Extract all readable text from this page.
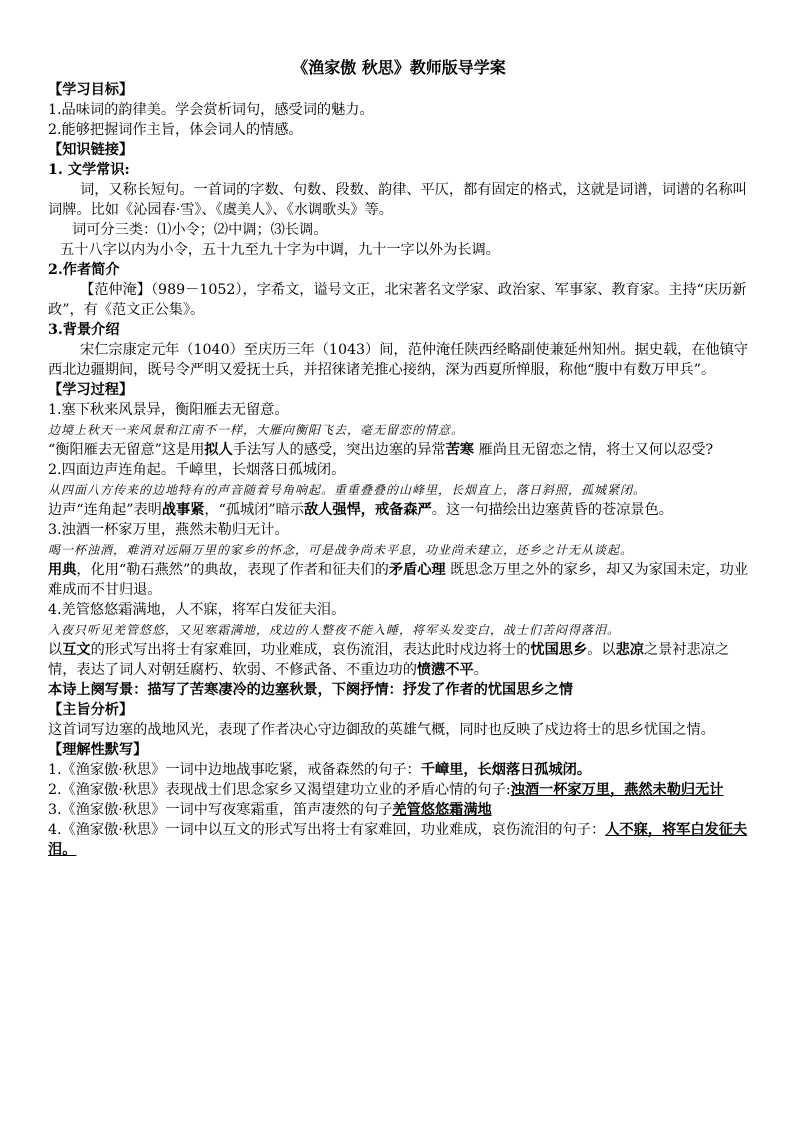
《渔家傲 秋思》教师版导学案
【学习目标】
1.品味词的韵律美。学会赏析词句，感受词的魅力。
2.能够把握词作主旨，体会词人的情感。
【知识链接】
1. 文学常识:
词，又称长短句。一首词的字数、句数、段数、韵律、平仄，都有固定的格式，这就是词谱，词谱的名称叫词牌。比如《沁园春·雪》、《虞美人》、《水调歌头》等。
词可分三类：⑴小令；⑵中调；⑶长调。
五十八字以内为小令，五十九至九十字为中调，九十一字以外为长调。
2.作者简介
【范仲淹】（989－1052），字希文，谥号文正，北宋著名文学家、政治家、军事家、教育家。主持“庆历新政”，有《范文正公集》。
3.背景介绍
宋仁宗康定元年（1040）至庆历三年（1043）间，范仲淹任陕西经略副使兼延州知州。据史载，在他镇守西北边疆期间，既号令严明又爱抚士兵，并招徕诸羌推心接纳，深为西夏所惮服，称他“腹中有数万甲兵”。
【学习过程】
1.塞下秋来风景异，衡阳雁去无留意。
边境上秋天一来风景和江南不一样，大雁向衡阳飞去，毫无留恋的情意。
“衡阳雁去无留意”这是用拟人手法写人的感受，突出边塞的异常苦寒 雁尚且无留恋之情，将士又何以忍受?
2.四面边声连角起。千嶂里，长烟落日孤城闭。
从四面八方传来的边地特有的声音随着号角响起。重重叠叠的山峰里，长烟直上，落日斜照，孤城紧闭。
边声“连角起”表明战事紧，“孤城闭”暗示敌人强悍，戒备森严。这一句描绘出边塞黄昏的苍凉景色。
3.浊酒一杯家万里，燕然未勒归无计。
喝一杯浊酒，难消对远隔万里的家乡的怀念，可是战争尚未平息，功业尚未建立，还乡之计无从谈起。
用典，化用“勒石燕然”的典故，表现了作者和征夫们的矛盾心理 既思念万里之外的家乡，却又为家国未定，功业难成而不甘归退。
4.羌管悠悠霜满地，人不寐，将军白发征夫泪。
入夜只听见羌管悠悠，又见寒霜满地，戍边的人整夜不能入睡，将军头发变白，战士们苦闷得落泪。
以互文的形式写出将士有家难回，功业难成，哀伤流泪，表达此时戍边将士的忧国思乡。以悲凉之景衬悲凉之情，表达了词人对朝廷腐朽、软弱、不修武备、不重边功的愤懑不平。
本诗上阕写景：描写了苦寒凄冷的边塞秋景，下阕抒情：抒发了作者的忧国思乡之情
【主旨分析】
这首词写边塞的战地风光，表现了作者决心守边御敌的英雄气概，同时也反映了戍边将士的思乡忧国之情。
【理解性默写】
1.《渔家傲·秋思》一词中边地战事吃紧，戒备森然的句子：千嶂里，长烟落日孤城闭。
2.《渔家傲·秋思》表现战士们思念家乡又渴望建功立业的矛盾心情的句子:浊酒一杯家万里，燕然未勒归无计
3.《渔家傲·秋思》一词中写夜寒霜重，笛声凄然的句子羌管悠悠霜满地
4.《渔家傲·秋思》一词中以互文的形式写出将士有家难回，功业难成，哀伤流泪的句子：人不寐，将军白发征夫泪。
